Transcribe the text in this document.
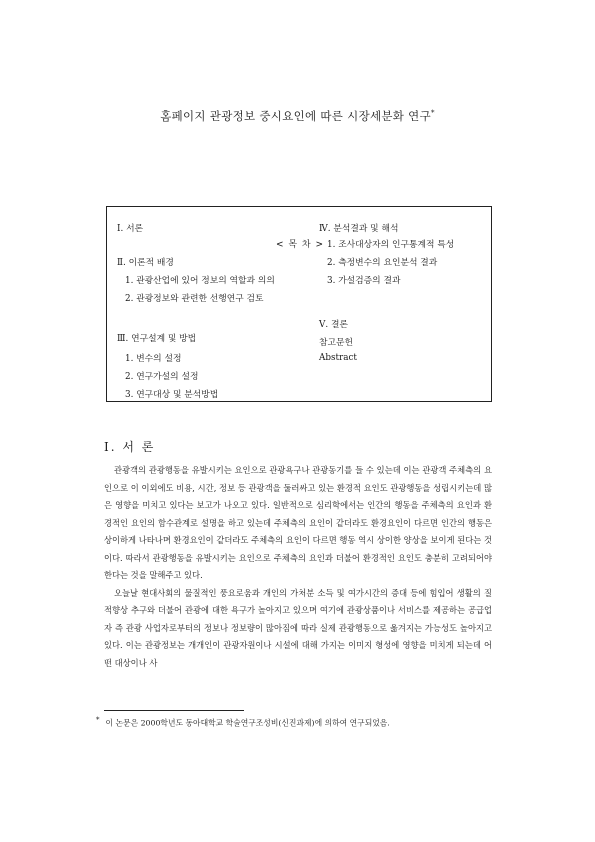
홈페이지 관광정보 중시요인에 따른 시장세분화 연구*
< 목 차 >
Ⅰ. 서론
Ⅱ. 이론적 배경
1. 관광산업에 있어 정보의 역할과 의의
2. 관광정보와 관련한 선행연구 검토
Ⅲ. 연구설계 및 방법
1. 변수의 설정
2. 연구가설의 설정
3. 연구대상 및 분석방법
Ⅳ. 분석결과 및 해석
1. 조사대상자의 인구통계적 특성
2. 측정변수의 요인분석 결과
3. 가설검증의 결과
Ⅴ. 결론
참고문헌
Abstract
Ⅰ. 서 론

관광객의 관광행동을 유발시키는 요인으로 관광욕구나 관광동기를 들 수 있는데 이는 관광객 주체측의 요인으로 이 이외에도 비용, 시간, 정보 등 관광객을 둘러싸고 있는 환경적 요인도 관광행동을 성립시키는데 많은 영향을 미치고 있다는 보고가 나오고 있다. 일반적으로 심리학에서는 인간의 행동을 주체측의 요인과 환경적인 요인의 함수관계로 설명을 하고 있는데 주체측의 요인이 같더라도 환경요인이 다르면 인간의 행동은 상이하게 나타나며 환경요인이 같더라도 주체측의 요인이 다르면 행동 역시 상이한 양상을 보이게 된다는 것이다. 따라서 관광행동을 유발시키는 요인으로 주체측의 요인과 더불어 환경적인 요인도 충분히 고려되어야 한다는 것을 말해주고 있다.

오늘날 현대사회의 물질적인 풍요로움과 개인의 가처분 소득 및 여가시간의 증대 등에 힘입어 생활의 질적향상 추구와 더불어 관광에 대한 욕구가 높아지고 있으며 여기에 관광상품이나 서비스를 제공하는 공급업자 즉 관광 사업자로부터의 정보나 정보량이 많아짐에 따라 실제 관광행동으로 옮겨지는 가능성도 높아지고 있다. 이는 관광정보는 개개인이 관광자원이나 시설에 대해 가지는 이미지 형성에 영향을 미치게 되는데 어떤 대상이나 사

* 이 논문은 2000학년도 동아대학교 학술연구조성비(신진과제)에 의하여 연구되었음.
